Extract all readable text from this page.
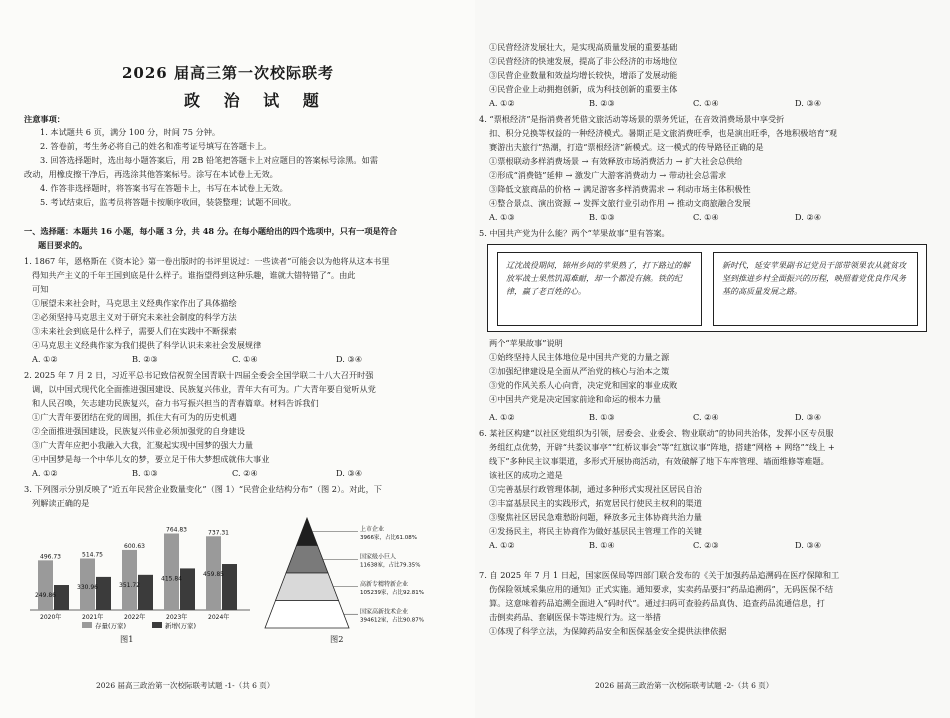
2026 届高三第一次校际联考
政 治 试 题
注意事项：
1. 本试题共 6 页，满分 100 分，时间 75 分钟。
2. 答卷前，考生务必将自己的姓名和准考证号填写在答题卡上。
3. 回答选择题时，选出每小题答案后，用 2B 铅笔把答题卡上对应题目的答案标号涂黑。如需
改动，用橡皮擦干净后，再选涂其他答案标号。涂写在本试卷上无效。
4. 作答非选择题时，将答案书写在答题卡上，书写在本试卷上无效。
5. 考试结束后，监考员将答题卡按顺序收回，装袋整理；试题不回收。
一、选择题：本题共 16 小题，每小题 3 分，共 48 分。在每小题给出的四个选项中，只有一项是符合
题目要求的。
1. 1867 年，恩格斯在《资本论》第一卷出版时的书评里说过：一些读者“可能会以为他将从这本书里
得知共产主义的千年王国到底是什么样子。谁指望得到这种乐趣，谁就大错特错了”。由此
可知
①展望未来社会时，马克思主义经典作家作出了具体描绘
②必须坚持马克思主义对于研究未来社会制度的科学方法
③未来社会到底是什么样子，需要人们在实践中不断探索
④马克思主义经典作家为我们提供了科学认识未来社会发展规律
A. ①②	B. ②③	C. ①④	D. ③④
2. 2025 年 7 月 2 日，习近平总书记致信祝贺全国青联十四届全委会全国学联二十八大召开时强
调，以中国式现代化全面推进强国建设、民族复兴伟业，青年大有可为。广大青年要自觉听从党
和人民召唤，矢志建功民族复兴，奋力书写振兴担当的青春篇章。材料告诉我们
①广大青年要团结在党的周围，抓住大有可为的历史机遇
②全面推进强国建设，民族复兴伟业必须加强党的自身建设
③广大青年应把小我融入大我，汇聚起实现中国梦的强大力量
④中国梦是每一个中华儿女的梦，要立足于伟大梦想成就伟大事业
A. ①②	B. ①③	C. ②④	D. ③④
3. 下列图示分别反映了“近五年民营企业数量变化”（图 1）“民营企业结构分布”（图 2）。对此，下
列解读正确的是
496.73
249.86
2020年
514.75
330.96
2021年
600.63
351.72
2022年
764.83
415.84
2023年
737.31
459.85
2024年
存量(万家)	新增(万家)
图1
上市企业
3966家，占比61.08%
国家级小巨人
11638家，占比79.35%
高新专精特新企业
105239家，占比92.81%
国家高新技术企业
394612家，占比90.87%
图2
2026 届高三政治第一次校际联考试题 -1-（共 6 页）
①民营经济发展壮大，是实现高质量发展的重要基础
②民营经济的快速发展，提高了非公经济的市场地位
③民营企业数量和效益均增长较快，增添了发展动能
④民营企业上动拥抱创新，成为科技创新的重要主体
A. ①②	B. ②③	C. ①④	D. ③④
4. “票根经济”是指消费者凭借文旅活动等场景的票务凭证，在音效消费场景中享受折
扣、积分兑换等权益的一种经济模式。暑期正是文旅消费旺季，也是演出旺季，各地积极培育“观
赛游出夫旅行”热潮，打造“票根经济”新模式。这一模式的传导路径正确的是
①票根联动多样消费场景 → 有效释放市场消费活力 → 扩大社会总供给
②形成“消费链”延伸 → 激发广大游客消费动力 → 带动社会总需求
③降低文旅商品的价格 → 满足游客多样消费需求 → 利动市场主体积极性
④整合景点、演出资源 → 发挥文旅行业引动作用 → 推动文商旅融合发展
A. ①③	B. ①③	C. ①④	D. ②④
5. 中国共产党为什么能？两个“苹果故事”里有答案。
辽沈战役期间，锦州乡间的苹果熟了，打下路过的解放军战士果然饥渴难耐，却一个都没有摘。铁的纪律，赢了老百姓的心。
新时代，延安苹果副书记党员干部带领果农从就贫攻坚到推进乡村全面振兴的历程，映照着党优良作风务基的高质量发展之路。
两个“苹果故事”说明
①始终坚持人民主体地位是中国共产党的力量之源
②加强纪律建设是全面从严治党的核心与治本之策
③党的作风关系人心向背，决定党和国家的事业成败
④中国共产党是决定国家前途和命运的根本力量
A. ①②	B. ①③	C. ②④	D. ③④
6. 某社区构建“以社区党组织为引领，居委会、业委会、物业联动”的协同共治体，发挥小区专员服
务组红点优势，开辟“共娄议事亭”“红桥议事会”等“红旗议事”阵地，搭建“网格 + 网络”“线上 +
线下”多种民主议事渠道，多形式开展协商活动，有效破解了地下车库管理、墙面维修等难题。
该社区的成功之道是
①完善基层行政管理体制，通过多种形式实现社区居民自治
②丰富基层民主的实践形式，拓宽居民行使民主权利的渠道
③聚焦社区居民急难愁盼问题，释放多元主体协商共治力量
④发扬民主，将民主协商作为做好基层民主管理工作的关键
A. ①②	B. ①④	C. ②③	D. ③④
7. 自 2025 年 7 月 1 日起，国家医保局等四部门联合发布的《关于加强药品追溯码在医疗保障和工
伤保险领域采集应用的通知》正式实施。通知要求，实卖药品要扫“药品追溯码”，无码医保不结
算。这意味着药品追溯全面进入“码时代”。通过扫码可查验药品真伪、追查药品流通信息，打
击倒卖药品、套刷医保卡等违规行为。这一举措
①体现了科学立法，为保障药品安全和医保基金安全提供法律依据
2026 届高三政治第一次校际联考试题 -2-（共 6 页）
